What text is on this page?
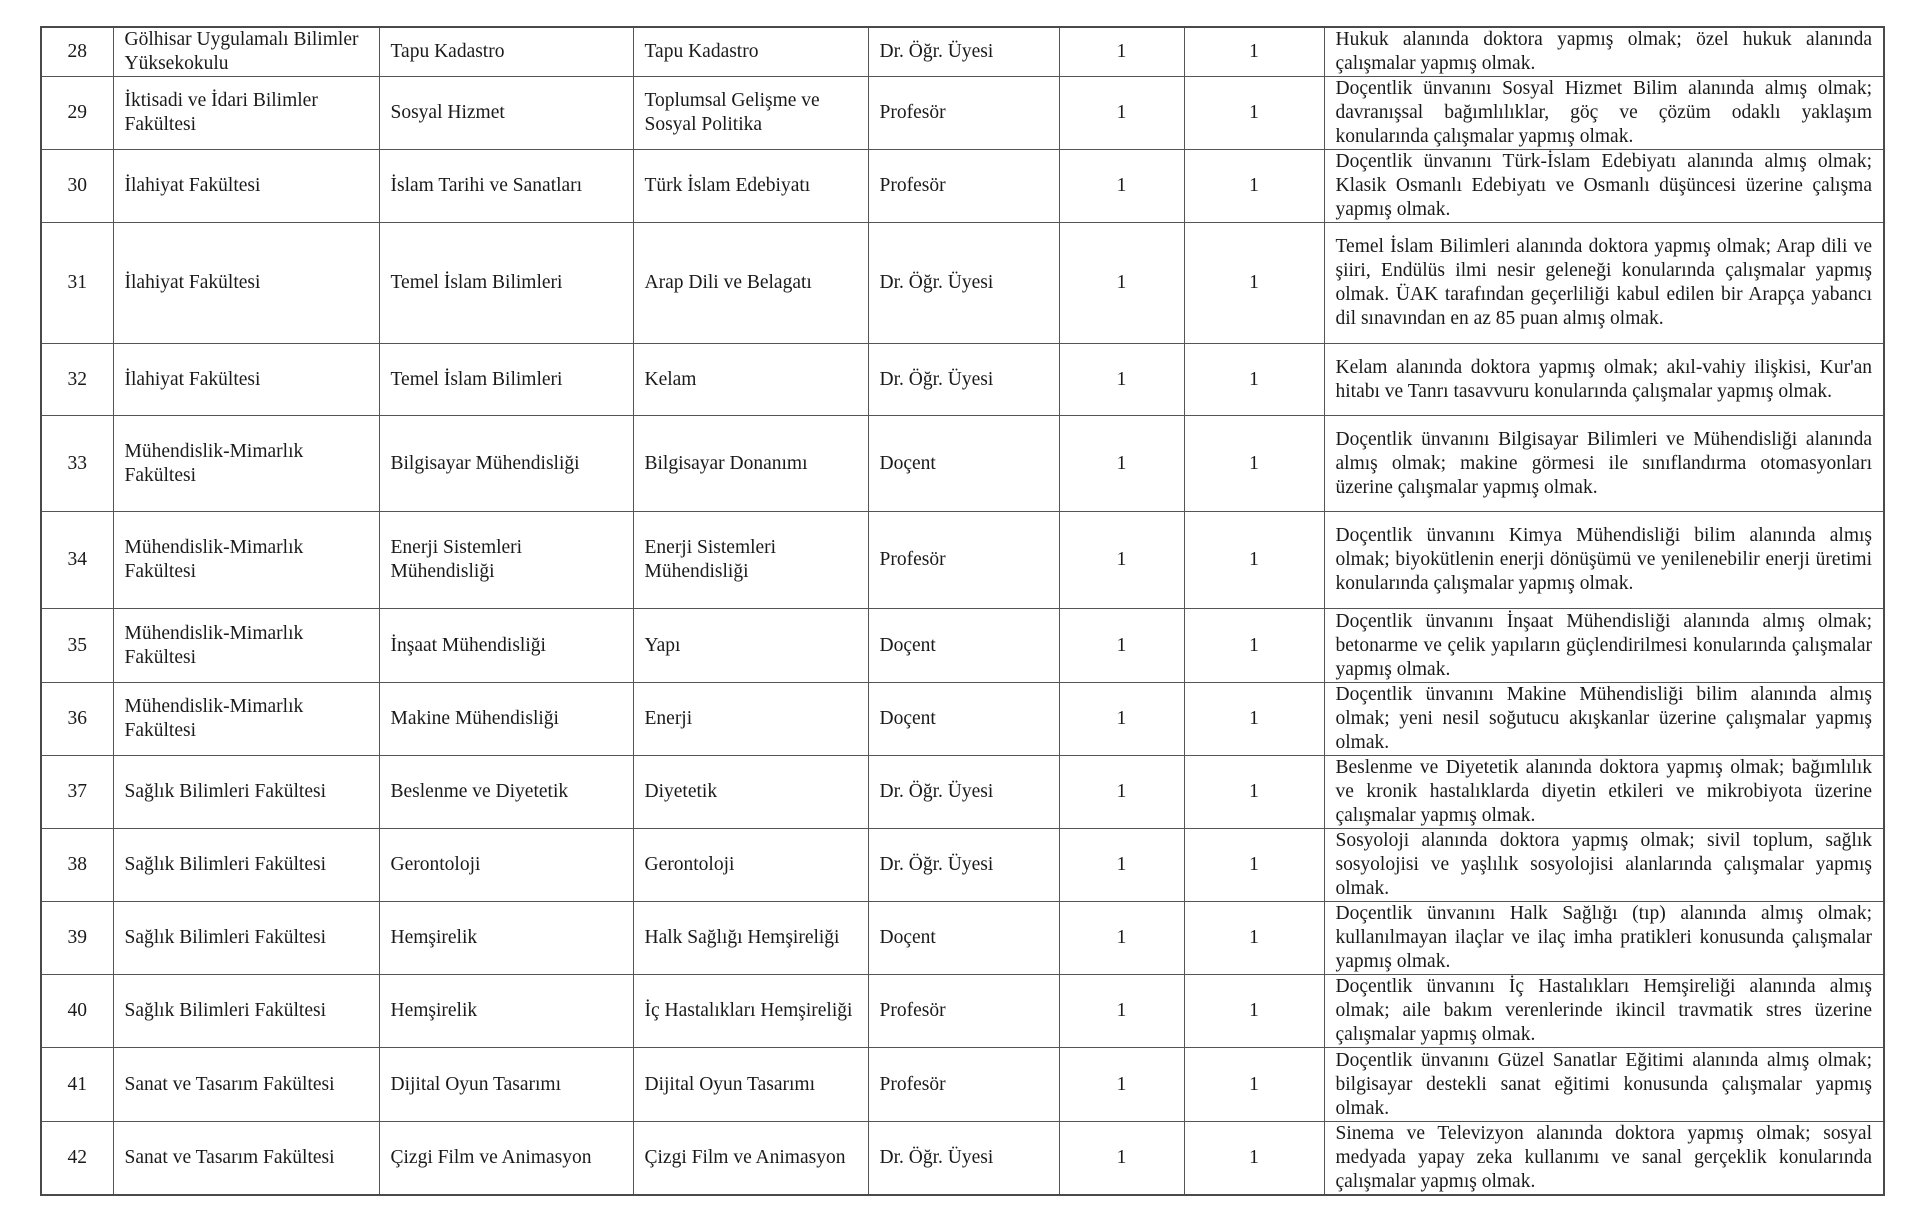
28	Gölhisar Uygulamalı Bilimler Yüksekokulu	Tapu Kadastro	Tapu Kadastro	Dr. Öğr. Üyesi	1	1	Hukuk alanında doktora yapmış olmak; özel hukuk alanında çalışmalar yapmış olmak.
29	İktisadi ve İdari Bilimler Fakültesi	Sosyal Hizmet	Toplumsal Gelişme ve Sosyal Politika	Profesör	1	1	Doçentlik ünvanını Sosyal Hizmet Bilim alanında almış olmak; davranışsal bağımlılıklar, göç ve çözüm odaklı yaklaşım konularında çalışmalar yapmış olmak.
30	İlahiyat Fakültesi	İslam Tarihi ve Sanatları	Türk İslam Edebiyatı	Profesör	1	1	Doçentlik ünvanını Türk-İslam Edebiyatı alanında almış olmak; Klasik Osmanlı Edebiyatı ve Osmanlı düşüncesi üzerine çalışma yapmış olmak.
31	İlahiyat Fakültesi	Temel İslam Bilimleri	Arap Dili ve Belagatı	Dr. Öğr. Üyesi	1	1	Temel İslam Bilimleri alanında doktora yapmış olmak; Arap dili ve şiiri, Endülüs ilmi nesir geleneği konularında çalışmalar yapmış olmak. ÜAK tarafından geçerliliği kabul edilen bir Arapça yabancı dil sınavından en az 85 puan almış olmak.
32	İlahiyat Fakültesi	Temel İslam Bilimleri	Kelam	Dr. Öğr. Üyesi	1	1	Kelam alanında doktora yapmış olmak; akıl-vahiy ilişkisi, Kur'an hitabı ve Tanrı tasavvuru konularında çalışmalar yapmış olmak.
33	Mühendislik-Mimarlık Fakültesi	Bilgisayar Mühendisliği	Bilgisayar Donanımı	Doçent	1	1	Doçentlik ünvanını Bilgisayar Bilimleri ve Mühendisliği alanında almış olmak; makine görmesi ile sınıflandırma otomasyonları üzerine çalışmalar yapmış olmak.
34	Mühendislik-Mimarlık Fakültesi	Enerji Sistemleri Mühendisliği	Enerji Sistemleri Mühendisliği	Profesör	1	1	Doçentlik ünvanını Kimya Mühendisliği bilim alanında almış olmak; biyokütlenin enerji dönüşümü ve yenilenebilir enerji üretimi konularında çalışmalar yapmış olmak.
35	Mühendislik-Mimarlık Fakültesi	İnşaat Mühendisliği	Yapı	Doçent	1	1	Doçentlik ünvanını İnşaat Mühendisliği alanında almış olmak; betonarme ve çelik yapıların güçlendirilmesi konularında çalışmalar yapmış olmak.
36	Mühendislik-Mimarlık Fakültesi	Makine Mühendisliği	Enerji	Doçent	1	1	Doçentlik ünvanını Makine Mühendisliği bilim alanında almış olmak; yeni nesil soğutucu akışkanlar üzerine çalışmalar yapmış olmak.
37	Sağlık Bilimleri Fakültesi	Beslenme ve Diyetetik	Diyetetik	Dr. Öğr. Üyesi	1	1	Beslenme ve Diyetetik alanında doktora yapmış olmak; bağımlılık ve kronik hastalıklarda diyetin etkileri ve mikrobiyota üzerine çalışmalar yapmış olmak.
38	Sağlık Bilimleri Fakültesi	Gerontoloji	Gerontoloji	Dr. Öğr. Üyesi	1	1	Sosyoloji alanında doktora yapmış olmak; sivil toplum, sağlık sosyolojisi ve yaşlılık sosyolojisi alanlarında çalışmalar yapmış olmak.
39	Sağlık Bilimleri Fakültesi	Hemşirelik	Halk Sağlığı Hemşireliği	Doçent	1	1	Doçentlik ünvanını Halk Sağlığı (tıp) alanında almış olmak; kullanılmayan ilaçlar ve ilaç imha pratikleri konusunda çalışmalar yapmış olmak.
40	Sağlık Bilimleri Fakültesi	Hemşirelik	İç Hastalıkları Hemşireliği	Profesör	1	1	Doçentlik ünvanını İç Hastalıkları Hemşireliği alanında almış olmak; aile bakım verenlerinde ikincil travmatik stres üzerine çalışmalar yapmış olmak.
41	Sanat ve Tasarım Fakültesi	Dijital Oyun Tasarımı	Dijital Oyun Tasarımı	Profesör	1	1	Doçentlik ünvanını Güzel Sanatlar Eğitimi alanında almış olmak; bilgisayar destekli sanat eğitimi konusunda çalışmalar yapmış olmak.
42	Sanat ve Tasarım Fakültesi	Çizgi Film ve Animasyon	Çizgi Film ve Animasyon	Dr. Öğr. Üyesi	1	1	Sinema ve Televizyon alanında doktora yapmış olmak; sosyal medyada yapay zeka kullanımı ve sanal gerçeklik konularında çalışmalar yapmış olmak.
